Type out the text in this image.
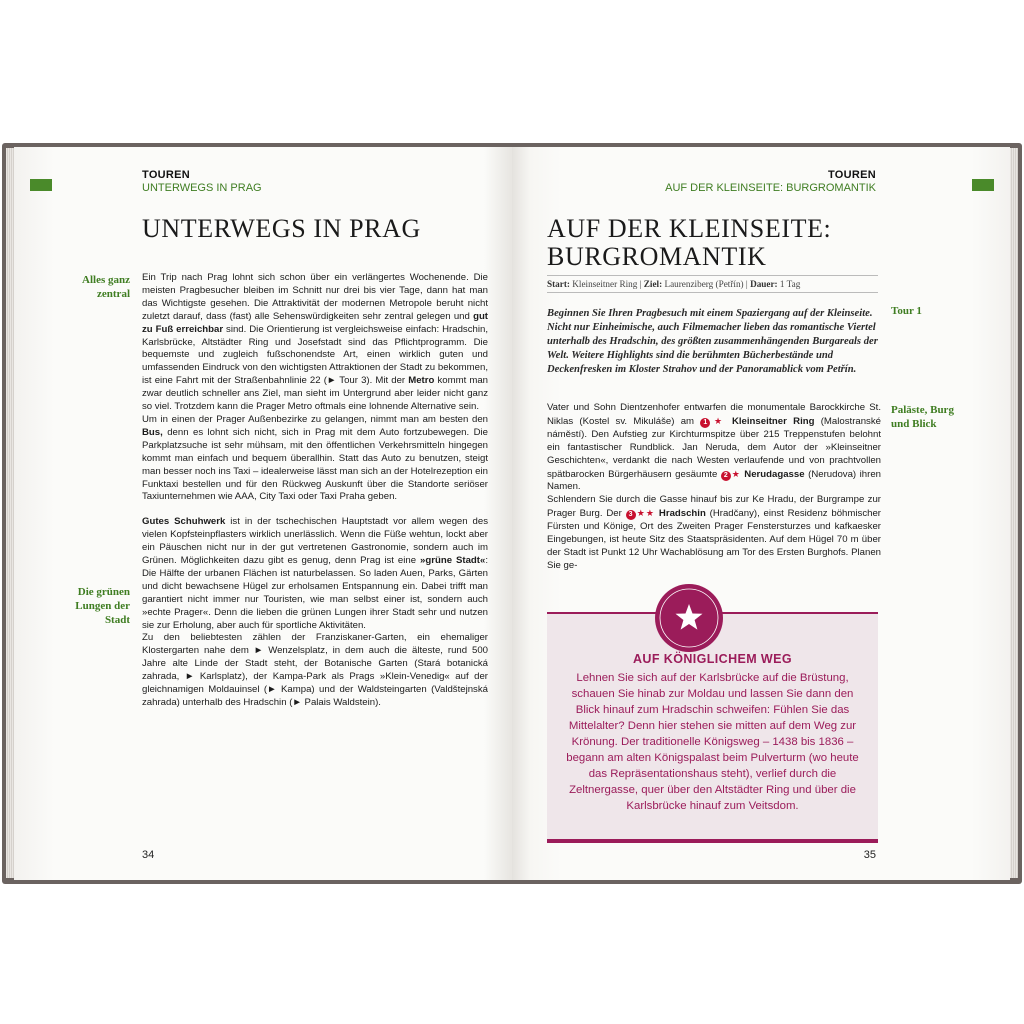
TOUREN
UNTERWEGS IN PRAG
UNTERWEGS IN PRAG
Alles ganz zentral
Die grünen Lungen der Stadt

Ein Trip nach Prag lohnt sich schon über ein verlängertes Wochenende. Die meisten Pragbesucher bleiben im Schnitt nur drei bis vier Tage, dann hat man das Wichtigste gesehen. Die Attraktivität der modernen Metropole beruht nicht zuletzt darauf, dass (fast) alle Sehenswürdigkeiten sehr zentral gelegen und gut zu Fuß erreichbar sind. Die Orientierung ist vergleichsweise einfach: Hradschin, Karlsbrücke, Altstädter Ring und Josefstadt sind das Pflichtprogramm. Die bequemste und zugleich fußschonendste Art, einen wirklich guten und umfassenden Eindruck von den wichtigsten Attraktionen der Stadt zu bekommen, ist eine Fahrt mit der Straßenbahnlinie 22 (► Tour 3). Mit der Metro kommt man zwar deutlich schneller ans Ziel, man sieht im Untergrund aber leider nicht ganz so viel. Trotzdem kann die Prager Metro oftmals eine lohnende Alternative sein.

Um in einen der Prager Außenbezirke zu gelangen, nimmt man am besten den Bus, denn es lohnt sich nicht, sich in Prag mit dem Auto fortzubewegen. Die Parkplatzsuche ist sehr mühsam, mit den öffentlichen Verkehrsmitteln hingegen kommt man einfach und bequem überallhin. Statt das Auto zu benutzen, steigt man besser noch ins Taxi – idealerweise lässt man sich an der Hotelrezeption ein Funktaxi bestellen und für den Rückweg Auskunft über die Standorte seriöser Taxiunternehmen wie AAA, City Taxi oder Taxi Praha geben.

Gutes Schuhwerk ist in der tschechischen Hauptstadt vor allem wegen des vielen Kopfsteinpflasters wirklich unerlässlich. Wenn die Füße wehtun, lockt aber ein Päuschen nicht nur in der gut vertretenen Gastronomie, sondern auch im Grünen. Möglichkeiten dazu gibt es genug, denn Prag ist eine »grüne Stadt«: Die Hälfte der urbanen Flächen ist naturbelassen. So laden Auen, Parks, Gärten und dicht bewachsene Hügel zur erholsamen Entspannung ein. Dabei trifft man garantiert nicht immer nur Touristen, wie man selbst einer ist, sondern auch »echte Prager«. Denn die lieben die grünen Lungen ihrer Stadt sehr und nutzen sie zur Erholung, aber auch für sportliche Aktivitäten.

Zu den beliebtesten zählen der Franziskaner-Garten, ein ehemaliger Klostergarten nahe dem ► Wenzelsplatz, in dem auch die älteste, rund 500 Jahre alte Linde der Stadt steht, der Botanische Garten (Stará botanická zahrada, ► Karlsplatz), der Kampa-Park als Prags »Klein-Venedig« auf der gleichnamigen Moldauinsel (► Kampa) und der Waldsteingarten (Valdštejnská zahrada) unterhalb des Hradschin (► Palais Waldstein).

34
TOUREN
AUF DER KLEINSEITE: BURGROMANTIK
AUF DER KLEINSEITE:
BURGROMANTIK
Start: Kleinseitner Ring | Ziel: Laurenziberg (Petřín) | Dauer: 1 Tag
Beginnen Sie Ihren Pragbesuch mit einem Spaziergang auf der Kleinseite. Nicht nur Einheimische, auch Filmemacher lieben das romantische Viertel unterhalb des Hradschin, des größten zusammenhängenden Burgareals der Welt. Weitere Highlights sind die berühmten Bücherbestände und Deckenfresken im Kloster Strahov und der Panoramablick vom Petřín.
Tour 1
Paläste, Burg und Blick

Vater und Sohn Dientzenhofer entwarfen die monumentale Barockkirche St. Niklas (Kostel sv. Mikuláše) am 1 ★ Kleinseitner Ring (Malostranské náměstí). Den Aufstieg zur Kirchturmspitze über 215 Treppenstufen belohnt ein fantastischer Rundblick. Jan Neruda, dem Autor der »Kleinseitner Geschichten«, verdankt die nach Westen verlaufende und von prachtvollen spätbarocken Bürgerhäusern gesäumte 2 ★ Nerudagasse (Nerudova) ihren Namen.

Schlendern Sie durch die Gasse hinauf bis zur Ke Hradu, der Burgrampe zur Prager Burg. Der 3 ★★ Hradschin (Hradčany), einst Residenz böhmischer Fürsten und Könige, Ort des Zweiten Prager Fenstersturzes und kafkaesker Eingebungen, ist heute Sitz des Staatspräsidenten. Auf dem Hügel 70 m über der Stadt ist Punkt 12 Uhr Wachablösung am Tor des Ersten Burghofs. Planen Sie ge-

AUF KÖNIGLICHEM WEG
Lehnen Sie sich auf der Karlsbrücke auf die Brüstung, schauen Sie hinab zur Moldau und lassen Sie dann den Blick hinauf zum Hradschin schweifen: Fühlen Sie das Mittelalter? Denn hier stehen sie mitten auf dem Weg zur Krönung. Der traditionelle Königsweg – 1438 bis 1836 – begann am alten Königspalast beim Pulverturm (wo heute das Repräsentationshaus steht), verlief durch die Zeltnergasse, quer über den Altstädter Ring und über die Karlsbrücke hinauf zum Veitsdom.
35
